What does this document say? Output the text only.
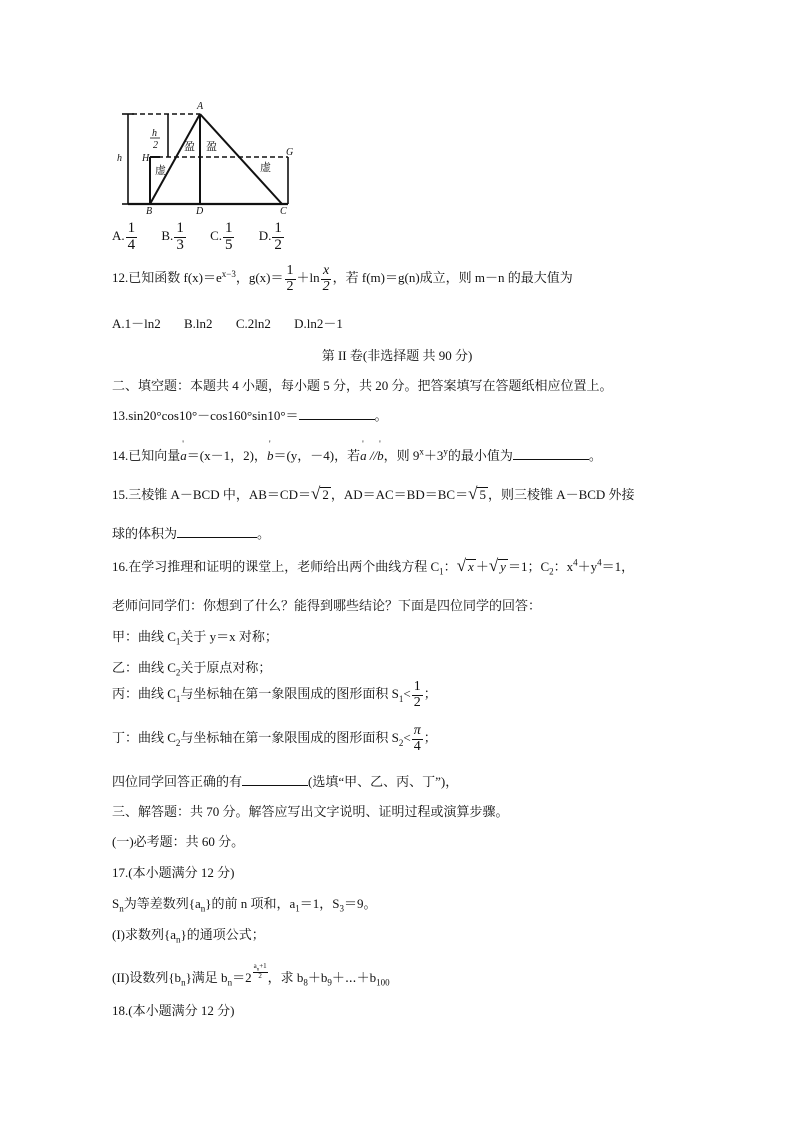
A
B	C
D
G
H
h
h
2 盈 盈
虚	虚
A. $\frac{1}{4} B$. $\frac{1}{3} C$. $\frac{1}{5} D$. $\frac{1}{2}$
12.已知函数 $f(x)=e^{x-3}$，$g(x)= \frac{1}{2} +\ln \frac{x}{2}$ ，若 f(m)＝g(n)成立，则 m－n 的最大值为
A.1－ln2 B.ln2 C.2ln2 D.ln2－1
第 II 卷(非选择题 共 90 分)
二、填空题：本题共 4 小题，每小题 5 分，共 20 分。把答案填写在答题纸相应位置上。
13.sin20°cos10°－cos160°sin10°＝	。
14.已知向量' a＝(x－1，2)，' b＝(y，－4)，若' a //' b，则 $9^x+3^y$的最小值为	。
15.三棱锥 A－BCD 中，AB＝CD＝ √ 2 ，AD＝AC＝BD＝BC＝ √ 5 ，则三棱锥 A－BCD 外接
球的体积为	。
16.在学习推理和证明的课堂上，老师给出两个曲线方程 $C_1$： √ x ＋ √ y ＝1；$C_2$：$x^4+y^4=1$，
老师问同学们：你想到了什么？能得到哪些结论？下面是四位同学的回答：
甲：曲线 $C_1$关于 y＝x 对称；
乙：曲线 $C_2$关于原点对称；
丙：曲线 $C_1$与坐标轴在第一象限围成的图形面积 $S_1< \frac{1}{2}$ ；
丁：曲线 $C_2$与坐标轴在第一象限围成的图形面积 $S_2< \frac{\pi}{4}$ ；
四位同学回答正确的有	(选填“甲、乙、丙、丁”)，
三、解答题：共 70 分。解答应写出文字说明、证明过程或演算步骤。
(一)必考题：共 60 分。
17.(本小题满分 12 分)
$S_n$为等差数列$\{a_n\}$的前 n 项和，$a_1=1$，$S_3=9$。
(I)求数列$\{a_n\}$的通项公式；
(II)设数列$\{b_n\}$满足 $b_n=2 \frac{a_n+1}{2}$ ，求 $b_8+b_9+\cdots+b_{100}$
18.(本小题满分 12 分)
